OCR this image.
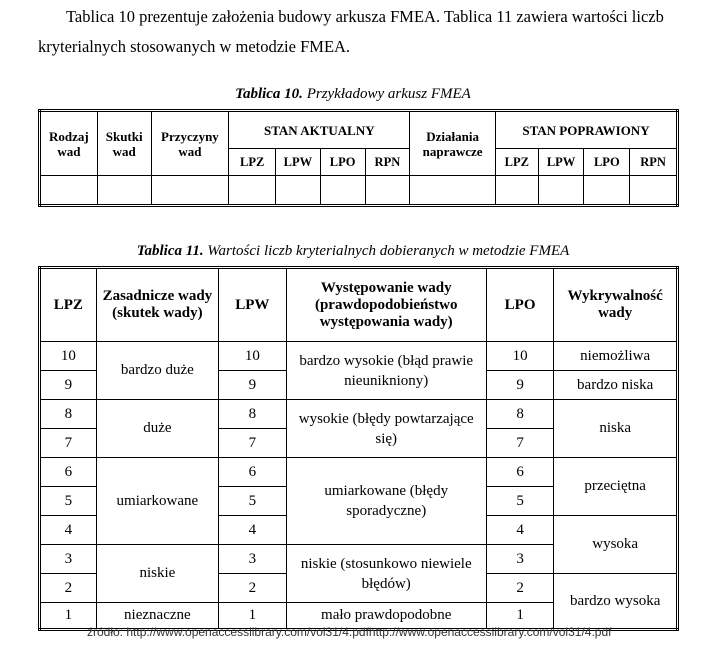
Tablica 10 prezentuje założenia budowy arkusza FMEA. Tablica 11 zawiera wartości liczb
kryterialnych stosowanych w metodzie FMEA.

Tablica 10. Przykładowy arkusz FMEA
Rodzaj wad	Skutki wad	Przyczyny wad	STAN AKTUALNY				Działania naprawcze	STAN POPRAWIONY			
			LPZ	LPW	LPO	RPN		LPZ	LPW	LPO	RPN

Tablica 11. Wartości liczb kryterialnych dobieranych w metodzie FMEA
LPZ	Zasadnicze wady (skutek wady)	LPW	Występowanie wady (prawdopodobieństwo występowania wady)	LPO	Wykrywalność wady
10	bardzo duże	10	bardzo wysokie (błąd prawie nieunikniony)	10	niemożliwa
9		9		9	bardzo niska
8	duże	8	wysokie (błędy powtarzające się)	8	niska
7		7		7	
6	umiarkowane	6	umiarkowane (błędy sporadyczne)	6	przeciętna
5		5		5	
4		4		4	wysoka
3	niskie	3	niskie (stosunkowo niewiele błędów)	3	
2		2		2	bardzo wysoka
1	nieznaczne	1	mało prawdopodobne	1	
źródło: http://www.openaccesslibrary.com/vol31/4.pdfhttp://www.openaccesslibrary.com/vol31/4.pdf
